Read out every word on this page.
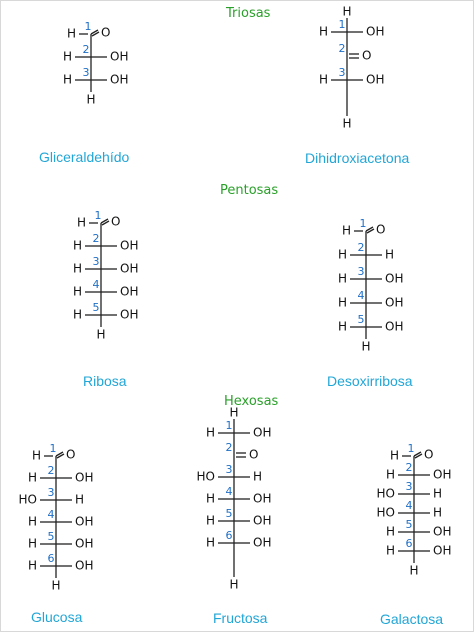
Triosas
Pentosas
Hexosas
H O
1
2
H	OH
3
H	OH
H
H
1
H	OH
2 O
3
H	OH
H
H O
1
2
H	OH
3
H	OH
4
H	OH
5
H	OH
H
H O
1
2
H	H
3
H	OH
4
H	OH
5
H	OH
H
H O
1
2
H	OH
3
HO	H
4
H	OH
5
H	OH
6
H	OH
H
H
1
H	OH
2 O
3
HO	H
4
H	OH
5
H	OH
6
H	OH
H
H O
1
2
H	OH
3
HO	H
4
HO	H
5
H	OH
6
H	OH
H
Gliceraldehído	Dihidroxiacetona
Ribosa	Desoxirribosa
Glucosa	Fructosa	Galactosa
